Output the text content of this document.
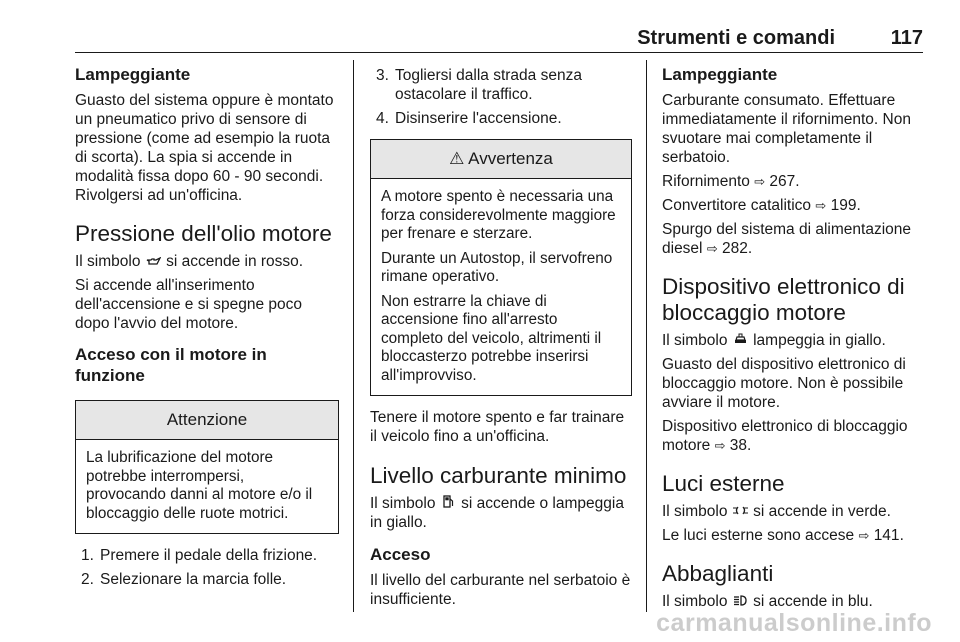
Strumenti e comandi	117
Lampeggiante
Guasto del sistema oppure è montato un pneumatico privo di sensore di pressione (come ad esempio la ruota di scorta). La spia si accende in modalità fissa dopo 60 - 90 secondi. Rivolgersi ad un'officina.
Pressione dell'olio motore
Il simbolo si accende in rosso.
Si accende all'inserimento dell'accensione e si spegne poco dopo l'avvio del motore.
Acceso con il motore in funzione
Attenzione
La lubrificazione del motore potrebbe interrompersi, provocando danni al motore e/o il bloccaggio delle ruote motrici.
1. Premere il pedale della frizione.
2. Selezionare la marcia folle.
3. Togliersi dalla strada senza ostacolare il traffico.
4. Disinserire l'accensione.
⚠ Avvertenza
A motore spento è necessaria una forza considerevolmente maggiore per frenare e sterzare.
Durante un Autostop, il servofreno rimane operativo.
Non estrarre la chiave di accensione fino all'arresto completo del veicolo, altrimenti il bloccasterzo potrebbe inserirsi all'improvviso.
Tenere il motore spento e far trainare il veicolo fino a un'officina.
Livello carburante minimo
Il simbolo si accende o lampeggia in giallo.
Acceso
Il livello del carburante nel serbatoio è insufficiente.
Lampeggiante
Carburante consumato. Effettuare immediatamente il rifornimento. Non svuotare mai completamente il serbatoio.
Rifornimento ⇨ 267.
Convertitore catalitico ⇨ 199.
Spurgo del sistema di alimentazione diesel ⇨ 282.
Dispositivo elettronico di bloccaggio motore
Il simbolo lampeggia in giallo.
Guasto del dispositivo elettronico di bloccaggio motore. Non è possibile avviare il motore.
Dispositivo elettronico di bloccaggio motore ⇨ 38.
Luci esterne
Il simbolo si accende in verde.
Le luci esterne sono accese ⇨ 141.
Abbaglianti
Il simbolo si accende in blu.
carmanualsonline.info
